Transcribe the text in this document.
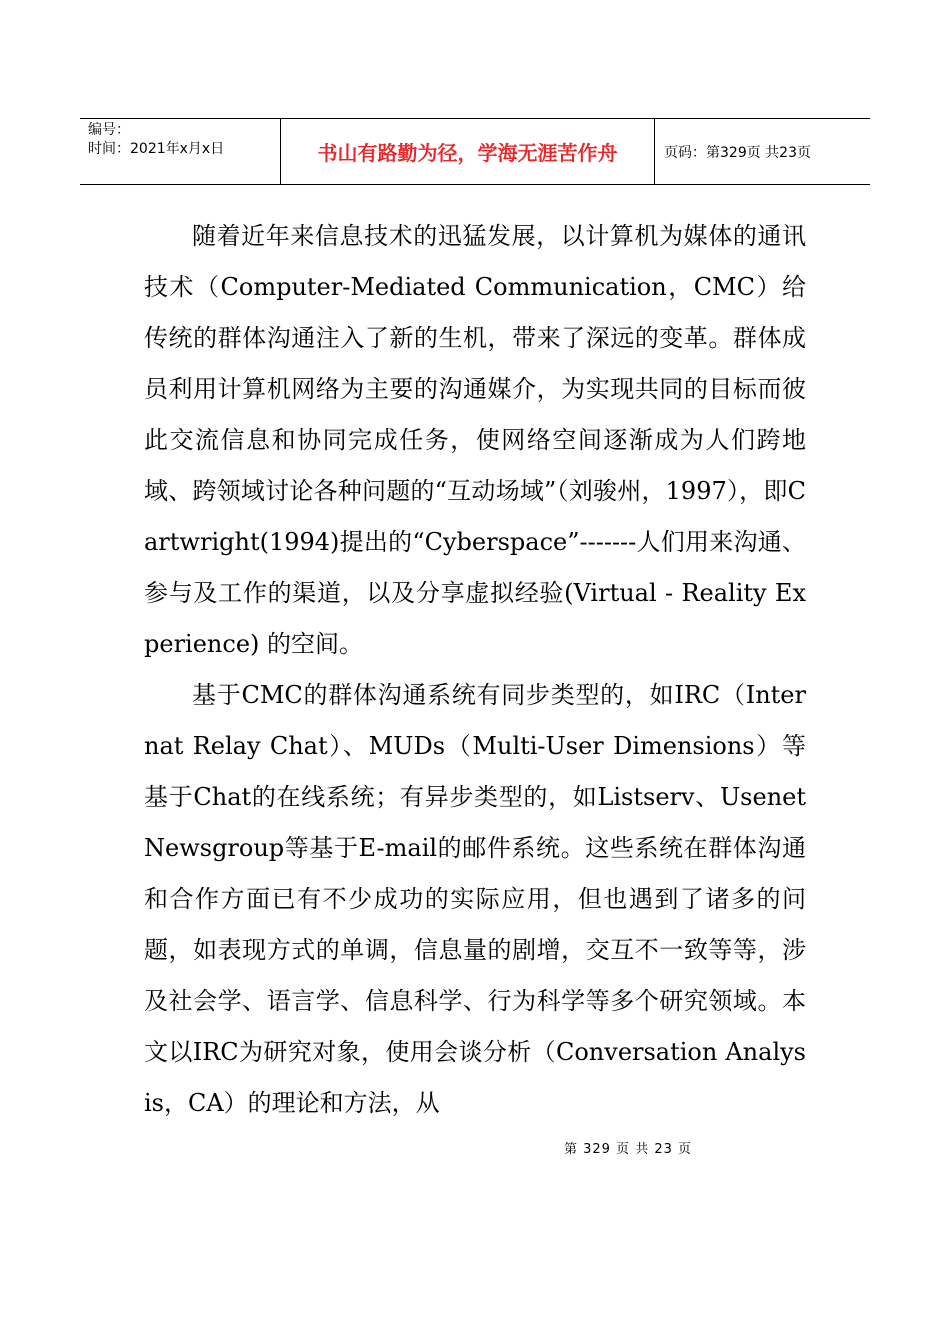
编号：
时间：2021年x月x日	书山有路勤为径，学海无涯苦作舟	页码：第329页 共23页

随着近年来信息技术的迅猛发展，以计算机为媒体的通讯技术（Computer-Mediated Communication，CMC）给传统的群体沟通注入了新的生机，带来了深远的变革。群体成员利用计算机网络为主要的沟通媒介，为实现共同的目标而彼此交流信息和协同完成任务，使网络空间逐渐成为人们跨地域、跨领域讨论各种问题的“互动场域”（刘骏州，1997），即Cartwright(1994)提出的“Cyberspace”-------人们用来沟通、参与及工作的渠道，以及分享虚拟经验(Virtual - Reality Experience) 的空间。

基于CMC的群体沟通系统有同步类型的，如IRC（Internat Relay Chat）、MUDs（Multi-User Dimensions）等基于Chat的在线系统；有异步类型的，如Listserv、Usenet Newsgroup等基于E-mail的邮件系统。这些系统在群体沟通和合作方面已有不少成功的实际应用，但也遇到了诸多的问题，如表现方式的单调，信息量的剧增，交互不一致等等，涉及社会学、语言学、信息科学、行为科学等多个研究领域。本文以IRC为研究对象，使用会谈分析（Conversation Analysis，CA）的理论和方法，从

第 329 页 共 23 页
